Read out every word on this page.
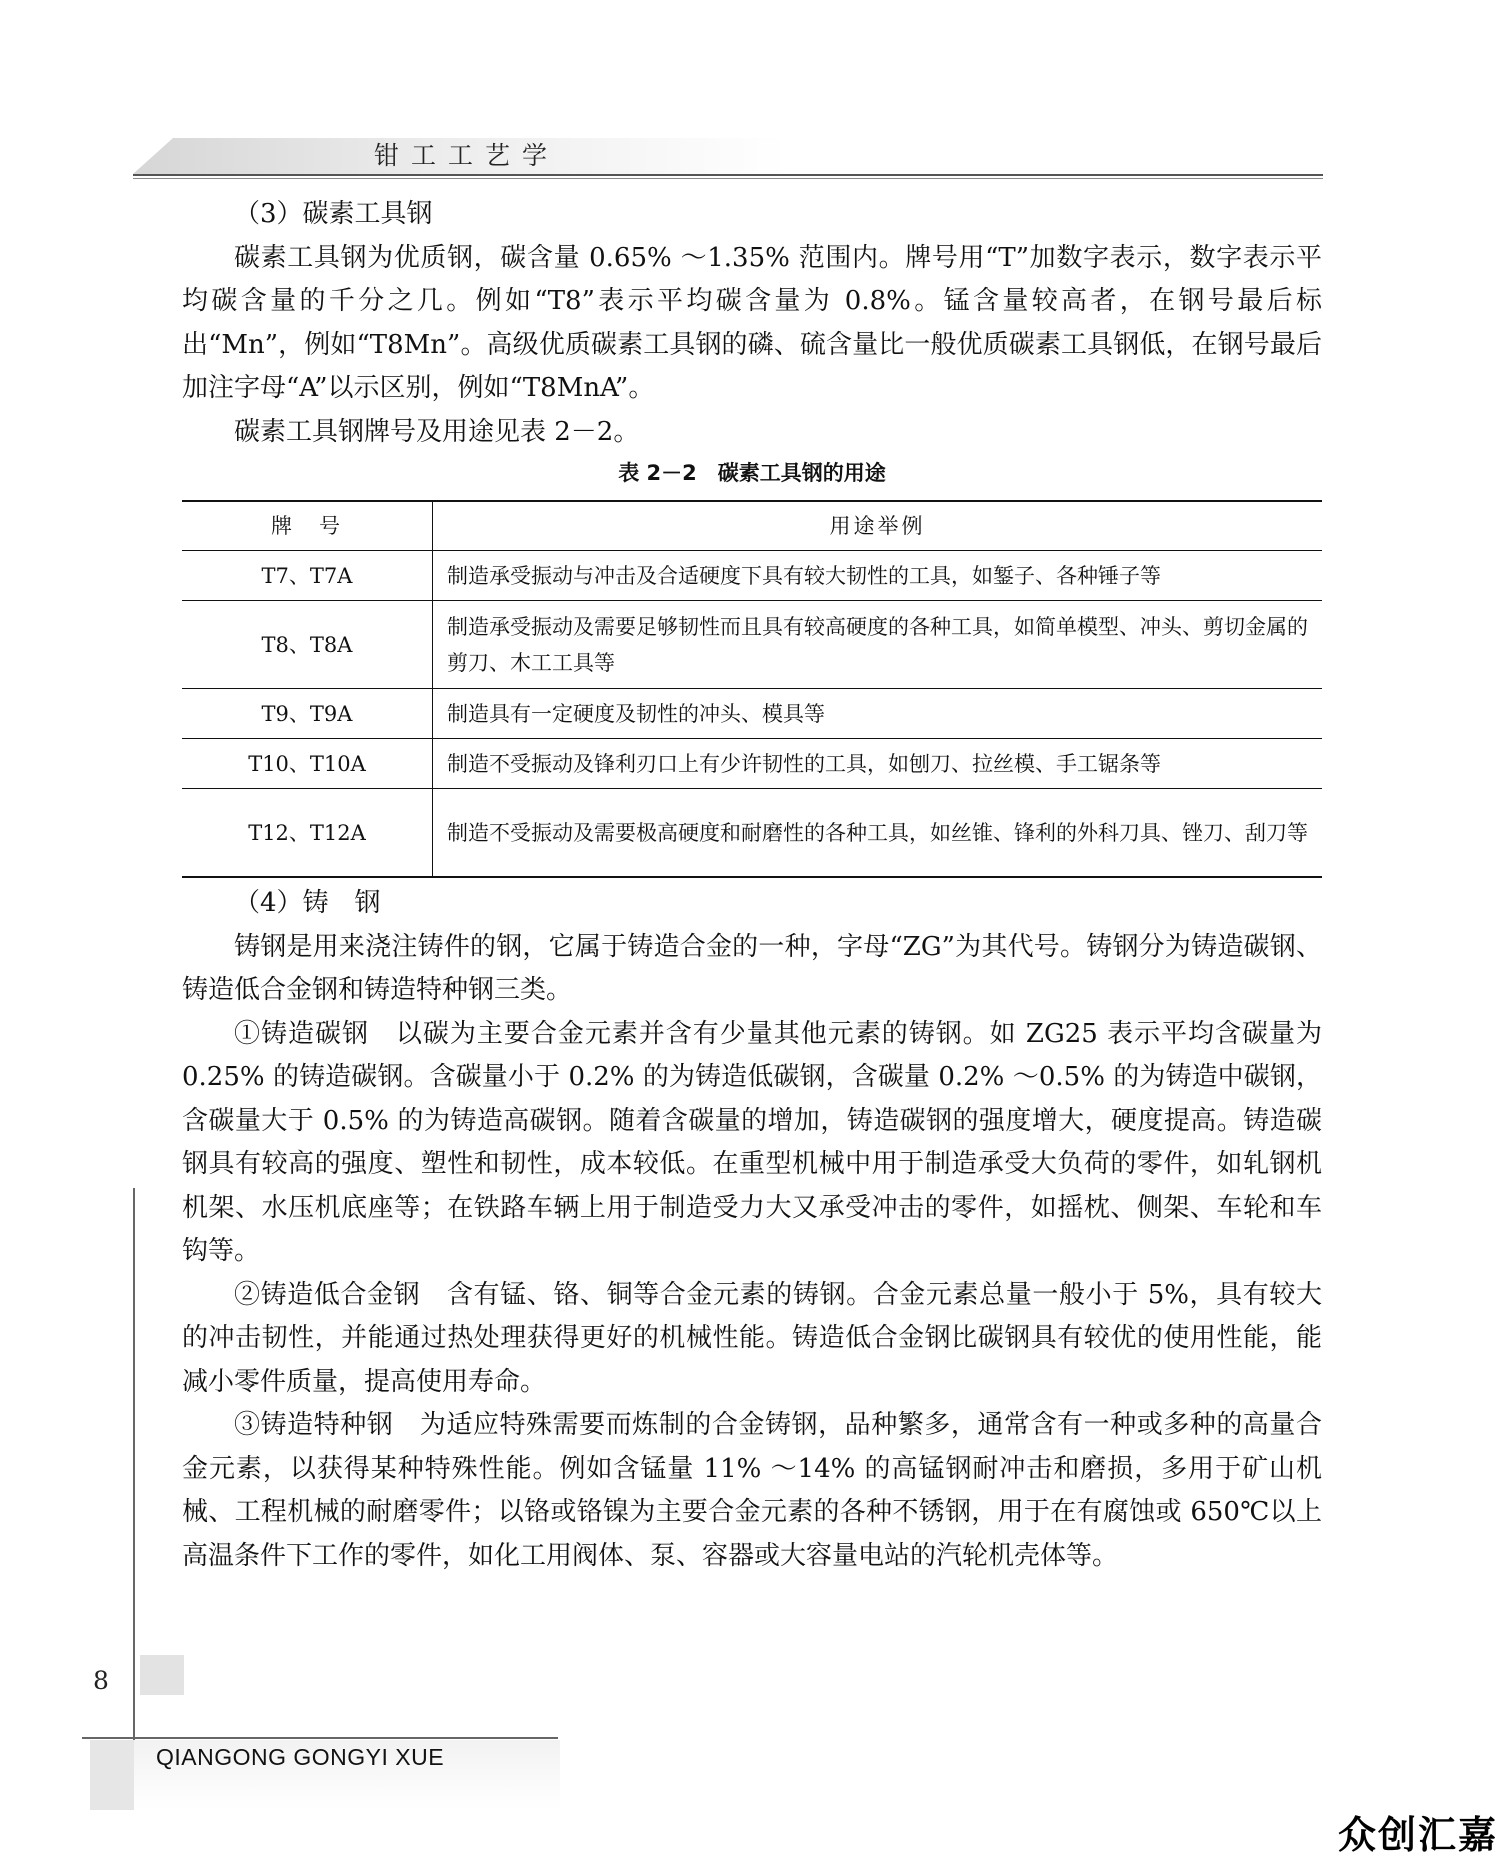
钳工工艺学

（3）碳素工具钢

碳素工具钢为优质钢，碳含量 0.65% ～1.35% 范围内。牌号用“T”加数字表示，数字表示平均碳含量的千分之几。例如“T8”表示平均碳含量为 0.8%。锰含量较高者，在钢号最后标出“Mn”，例如“T8Mn”。高级优质碳素工具钢的磷、硫含量比一般优质碳素工具钢低，在钢号最后加注字母“A”以示区别，例如“T8MnA”。

碳素工具钢牌号及用途见表 2－2。

表 2－2　碳素工具钢的用途
牌　号	用途举例
T7、T7A	制造承受振动与冲击及合适硬度下具有较大韧性的工具，如錾子、各种锤子等
T8、T8A	制造承受振动及需要足够韧性而且具有较高硬度的各种工具，如简单模型、冲头、剪切金属的剪刀、木工工具等
T9、T9A	制造具有一定硬度及韧性的冲头、模具等
T10、T10A	制造不受振动及锋利刃口上有少许韧性的工具，如刨刀、拉丝模、手工锯条等
T12、T12A	制造不受振动及需要极高硬度和耐磨性的各种工具，如丝锥、锋利的外科刀具、锉刀、刮刀等

（4）铸　钢

铸钢是用来浇注铸件的钢，它属于铸造合金的一种，字母“ZG”为其代号。铸钢分为铸造碳钢、铸造低合金钢和铸造特种钢三类。

①铸造碳钢　以碳为主要合金元素并含有少量其他元素的铸钢。如 ZG25 表示平均含碳量为 0.25% 的铸造碳钢。含碳量小于 0.2% 的为铸造低碳钢，含碳量 0.2% ～0.5% 的为铸造中碳钢，含碳量大于 0.5% 的为铸造高碳钢。随着含碳量的增加，铸造碳钢的强度增大，硬度提高。铸造碳钢具有较高的强度、塑性和韧性，成本较低。在重型机械中用于制造承受大负荷的零件，如轧钢机机架、水压机底座等；在铁路车辆上用于制造受力大又承受冲击的零件，如摇枕、侧架、车轮和车钩等。

②铸造低合金钢　含有锰、铬、铜等合金元素的铸钢。合金元素总量一般小于 5%，具有较大的冲击韧性，并能通过热处理获得更好的机械性能。铸造低合金钢比碳钢具有较优的使用性能，能减小零件质量，提高使用寿命。

③铸造特种钢　为适应特殊需要而炼制的合金铸钢，品种繁多，通常含有一种或多种的高量合金元素，以获得某种特殊性能。例如含锰量 11% ～14% 的高锰钢耐冲击和磨损，多用于矿山机械、工程机械的耐磨零件；以铬或铬镍为主要合金元素的各种不锈钢，用于在有腐蚀或 650℃以上高温条件下工作的零件，如化工用阀体、泵、容器或大容量电站的汽轮机壳体等。

8
QIANGONG GONGYI XUE
众创汇嘉
